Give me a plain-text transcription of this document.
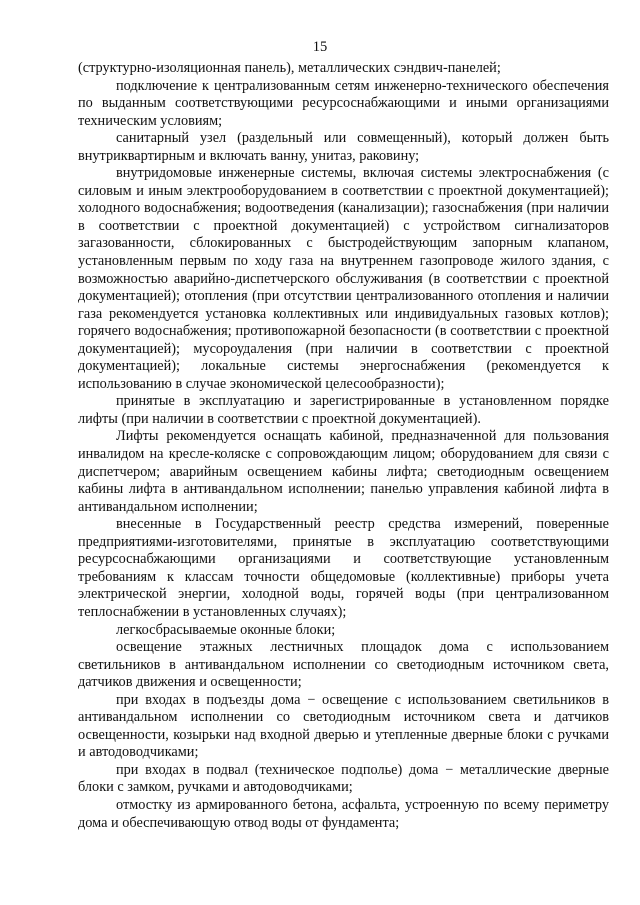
15

(структурно-изоляционная панель), металлических сэндвич-панелей;

подключение к централизованным сетям инженерно-технического обеспечения по выданным соответствующими ресурсоснабжающими и иными организациями техническим условиям;

санитарный узел (раздельный или совмещенный), который должен быть внутриквартирным и включать ванну, унитаз, раковину;

внутридомовые инженерные системы, включая системы электроснабжения (с силовым и иным электрооборудованием в соответствии с проектной документацией); холодного водоснабжения; водоотведения (канализации); газоснабжения (при наличии в соответствии с проектной документацией) с устройством сигнализаторов загазованности, сблокированных с быстродействующим запорным клапаном, установленным первым по ходу газа на внутреннем газопроводе жилого здания, с возможностью аварийно-диспетчерского обслуживания (в соответствии с проектной документацией); отопления (при отсутствии централизованного отопления и наличии газа рекомендуется установка коллективных или индивидуальных газовых котлов); горячего водоснабжения; противопожарной безопасности (в соответствии с проектной документацией); мусороудаления (при наличии в соответствии с проектной документацией); локальные системы энергоснабжения (рекомендуется к использованию в случае экономической целесообразности);

принятые в эксплуатацию и зарегистрированные в установленном порядке лифты (при наличии в соответствии с проектной документацией).

Лифты рекомендуется оснащать кабиной, предназначенной для пользования инвалидом на кресле-коляске с сопровождающим лицом; оборудованием для связи с диспетчером; аварийным освещением кабины лифта; светодиодным освещением кабины лифта в антивандальном исполнении; панелью управления кабиной лифта в антивандальном исполнении;

внесенные в Государственный реестр средства измерений, поверенные предприятиями-изготовителями, принятые в эксплуатацию соответствующими ресурсоснабжающими организациями и соответствующие установленным требованиям к классам точности общедомовые (коллективные) приборы учета электрической энергии, холодной воды, горячей воды (при централизованном теплоснабжении в установленных случаях);

легкосбрасываемые оконные блоки;

освещение этажных лестничных площадок дома с использованием светильников в антивандальном исполнении со светодиодным источником света, датчиков движения и освещенности;

при входах в подъезды дома − освещение с использованием светильников в антивандальном исполнении со светодиодным источником света и датчиков освещенности, козырьки над входной дверью и утепленные дверные блоки с ручками и автодоводчиками;

при входах в подвал (техническое подполье) дома − металлические дверные блоки с замком, ручками и автодоводчиками;

отмостку из армированного бетона, асфальта, устроенную по всему периметру дома и обеспечивающую отвод воды от фундамента;
